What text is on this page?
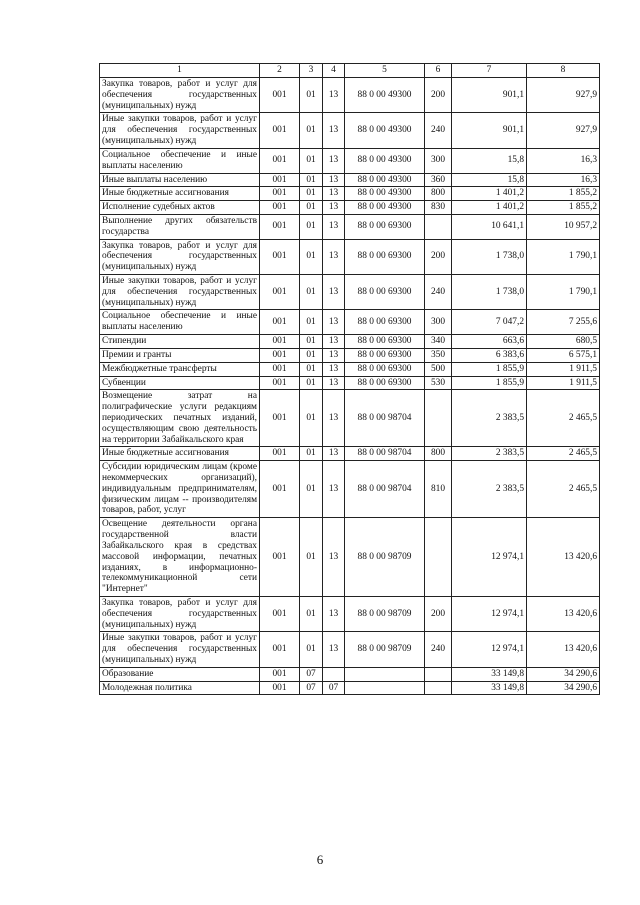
1	2	3	4	5	6	7	8
Закупка товаров, работ и услуг для обеспечения государственных (муниципальных) нужд	001	01	13	88 0 00 49300	200	901,1	927,9
Иные закупки товаров, работ и услуг для обеспечения государственных (муниципальных) нужд	001	01	13	88 0 00 49300	240	901,1	927,9
Социальное обеспечение и иные выплаты населению	001	01	13	88 0 00 49300	300	15,8	16,3
Иные выплаты населению	001	01	13	88 0 00 49300	360	15,8	16,3
Иные бюджетные ассигнования	001	01	13	88 0 00 49300	800	1 401,2	1 855,2
Исполнение судебных актов	001	01	13	88 0 00 49300	830	1 401,2	1 855,2
Выполнение других обязательств государства	001	01	13	88 0 00 69300		10 641,1	10 957,2
Закупка товаров, работ и услуг для обеспечения государственных (муниципальных) нужд	001	01	13	88 0 00 69300	200	1 738,0	1 790,1
Иные закупки товаров, работ и услуг для обеспечения государственных (муниципальных) нужд	001	01	13	88 0 00 69300	240	1 738,0	1 790,1
Социальное обеспечение и иные выплаты населению	001	01	13	88 0 00 69300	300	7 047,2	7 255,6
Стипендии	001	01	13	88 0 00 69300	340	663,6	680,5
Премии и гранты	001	01	13	88 0 00 69300	350	6 383,6	6 575,1
Межбюджетные трансферты	001	01	13	88 0 00 69300	500	1 855,9	1 911,5
Субвенции	001	01	13	88 0 00 69300	530	1 855,9	1 911,5
Возмещение затрат на полиграфические услуги редакциям периодических печатных изданий, осуществляющим свою деятельность на территории Забайкальского края	001	01	13	88 0 00 98704		2 383,5	2 465,5
Иные бюджетные ассигнования	001	01	13	88 0 00 98704	800	2 383,5	2 465,5
Субсидии юридическим лицам (кроме некоммерческих организаций), индивидуальным предпринимателям, физическим лицам -- производителям товаров, работ, услуг	001	01	13	88 0 00 98704	810	2 383,5	2 465,5
Освещение деятельности органа государственной власти Забайкальского края в средствах массовой информации, печатных изданиях, в информационно-телекоммуникационной сети "Интернет"	001	01	13	88 0 00 98709		12 974,1	13 420,6
Закупка товаров, работ и услуг для обеспечения государственных (муниципальных) нужд	001	01	13	88 0 00 98709	200	12 974,1	13 420,6
Иные закупки товаров, работ и услуг для обеспечения государственных (муниципальных) нужд	001	01	13	88 0 00 98709	240	12 974,1	13 420,6
Образование	001	07				33 149,8	34 290,6
Молодежная политика	001	07	07			33 149,8	34 290,6
6
